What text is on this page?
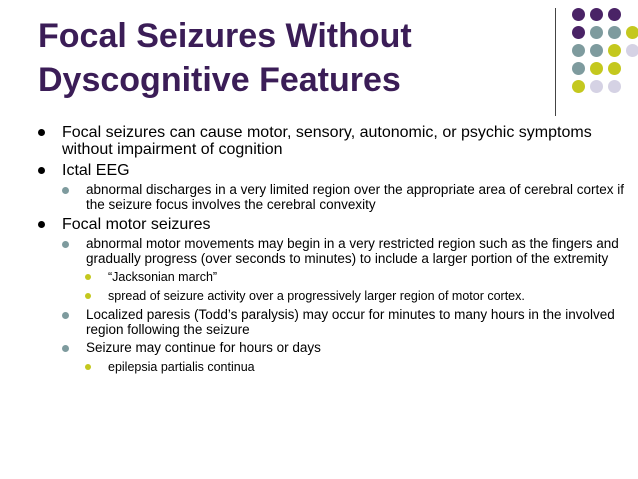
Focal Seizures Without
Dyscognitive Features
Focal seizures can cause motor, sensory, autonomic, or psychic symptoms without impairment of cognition
Ictal EEG
abnormal discharges in a very limited region over the appropriate area of cerebral cortex if the seizure focus involves the cerebral convexity
Focal motor seizures
abnormal motor movements may begin in a very restricted region such as the fingers and gradually progress (over seconds to minutes) to include a larger portion of the extremity
“Jacksonian march”
spread of seizure activity over a progressively larger region of motor cortex.
Localized paresis (Todd’s paralysis) may occur for minutes to many hours in the involved region following the seizure
Seizure may continue for hours or days
epilepsia partialis continua
